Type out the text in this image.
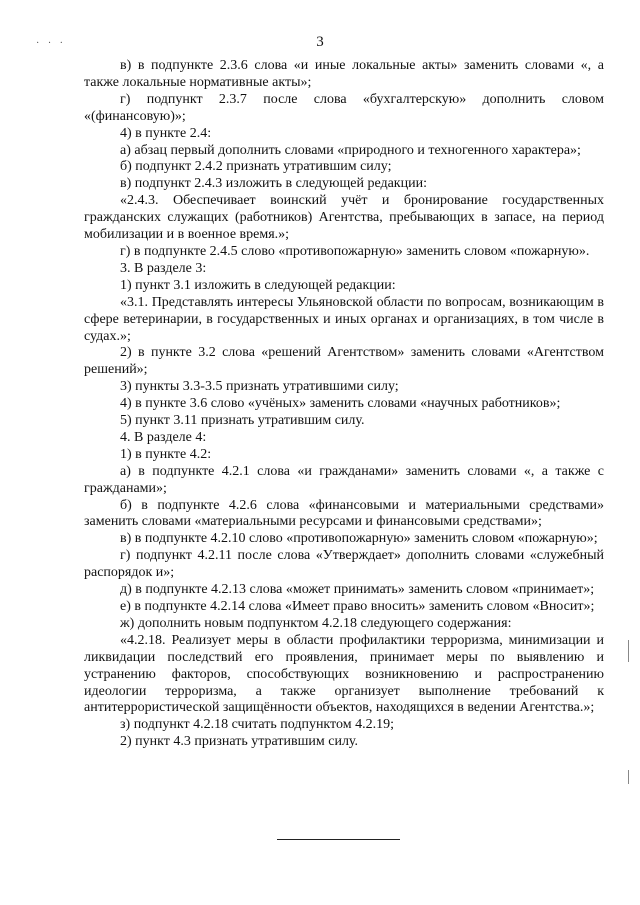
· · ·	3

в) в подпункте 2.3.6 слова «и иные локальные акты» заменить словами «, а также локальные нормативные акты»;

г) подпункт 2.3.7 после слова «бухгалтерскую» дополнить словом «(финансовую)»;

4) в пункте 2.4:

а) абзац первый дополнить словами «природного и техногенного характера»;

б) подпункт 2.4.2 признать утратившим силу;

в) подпункт 2.4.3 изложить в следующей редакции:

«2.4.3. Обеспечивает воинский учёт и бронирование государственных гражданских служащих (работников) Агентства, пребывающих в запасе, на период мобилизации и в военное время.»;

г) в подпункте 2.4.5 слово «противопожарную» заменить словом «пожарную».

3. В разделе 3:

1) пункт 3.1 изложить в следующей редакции:

«3.1. Представлять интересы Ульяновской области по вопросам, возникающим в сфере ветеринарии, в государственных и иных органах и организациях, в том числе в судах.»;

2) в пункте 3.2 слова «решений Агентством» заменить словами «Агентством решений»;

3) пункты 3.3-3.5 признать утратившими силу;

4) в пункте 3.6 слово «учёных» заменить словами «научных работников»;

5) пункт 3.11 признать утратившим силу.

4. В разделе 4:

1) в пункте 4.2:

а) в подпункте 4.2.1 слова «и гражданами» заменить словами «, а также с гражданами»;

б) в подпункте 4.2.6 слова «финансовыми и материальными средствами» заменить словами «материальными ресурсами и финансовыми средствами»;

в) в подпункте 4.2.10 слово «противопожарную» заменить словом «пожарную»;

г) подпункт 4.2.11 после слова «Утверждает» дополнить словами «служебный распорядок и»;

д) в подпункте 4.2.13 слова «может принимать» заменить словом «принимает»;

е) в подпункте 4.2.14 слова «Имеет право вносить» заменить словом «Вносит»;

ж) дополнить новым подпунктом 4.2.18 следующего содержания:

«4.2.18. Реализует меры в области профилактики терроризма, минимизации и ликвидации последствий его проявления, принимает меры по выявлению и устранению факторов, способствующих возникновению и распространению идеологии терроризма, а также организует выполнение требований к антитеррористической защищённости объектов, находящихся в ведении Агентства.»;

з) подпункт 4.2.18 считать подпунктом 4.2.19;

2) пункт 4.3 признать утратившим силу.
